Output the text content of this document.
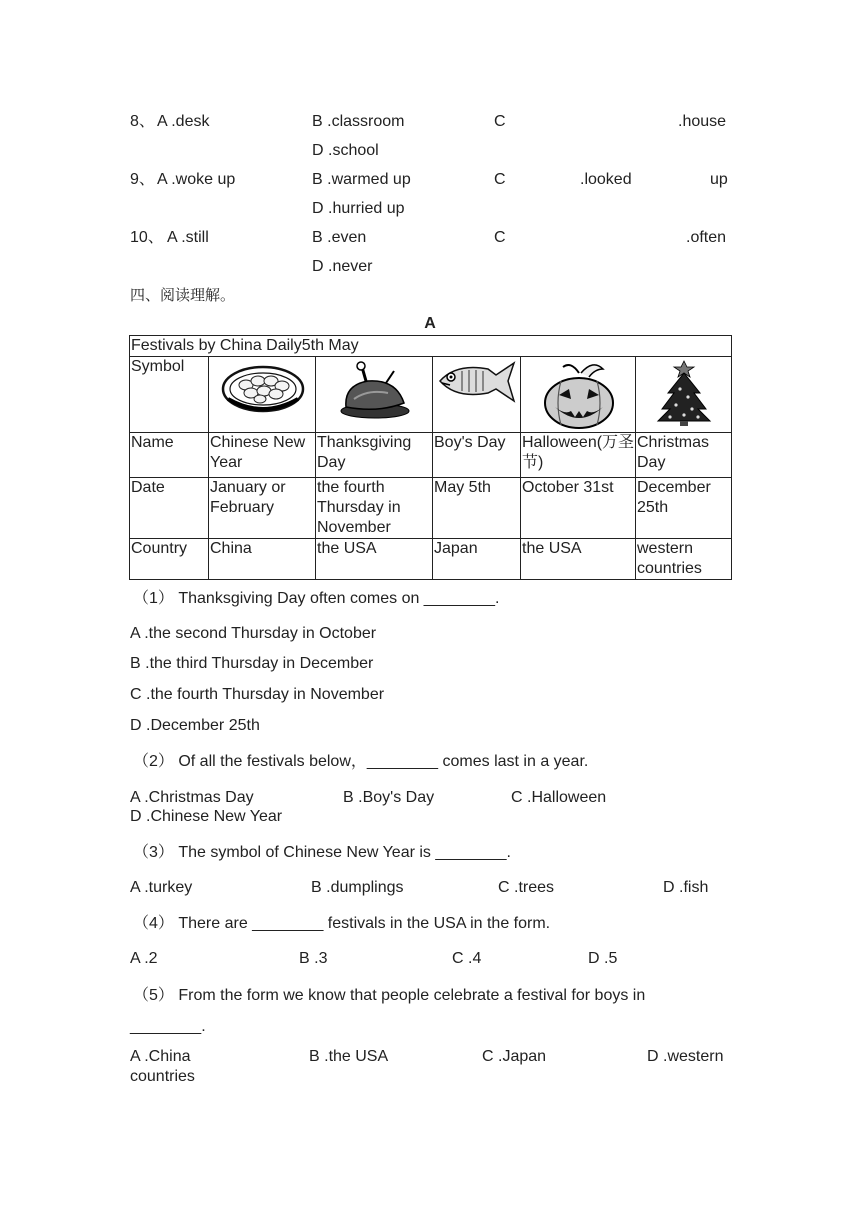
8、 A .desk	B .classroom	C	.house
D .school
9、 A .woke up	B .warmed up	C	.looked	up
D .hurried up
10、 A .still	B .even	C	.often
D .never
四、阅读理解。
A
Festivals by China Daily5th May					
Symbol	

Name	Chinese New Year	Thanksgiving Day	Boy's Day	Halloween(万圣节)	Christmas Day
Date	January or February	the fourth Thursday in November	May 5th	October 31st	December 25th
Country	China	the USA	Japan	the USA	western countries
（1） Thanksgiving Day often comes on ________.
A .the second Thursday in October
B .the third Thursday in December
C .the fourth Thursday in November
D .December 25th
（2） Of all the festivals below，________ comes last in a year.
A .Christmas Day	B .Boy's Day	C .Halloween
D .Chinese New Year
（3） The symbol of Chinese New Year is ________.
A .turkey	B .dumplings	C .trees	D .fish
（4） There are ________ festivals in the USA in the form.
A .2	B .3	C .4	D .5
（5） From the form we know that people celebrate a festival for boys in
________.
A .China	B .the USA	C .Japan	D .western
countries
